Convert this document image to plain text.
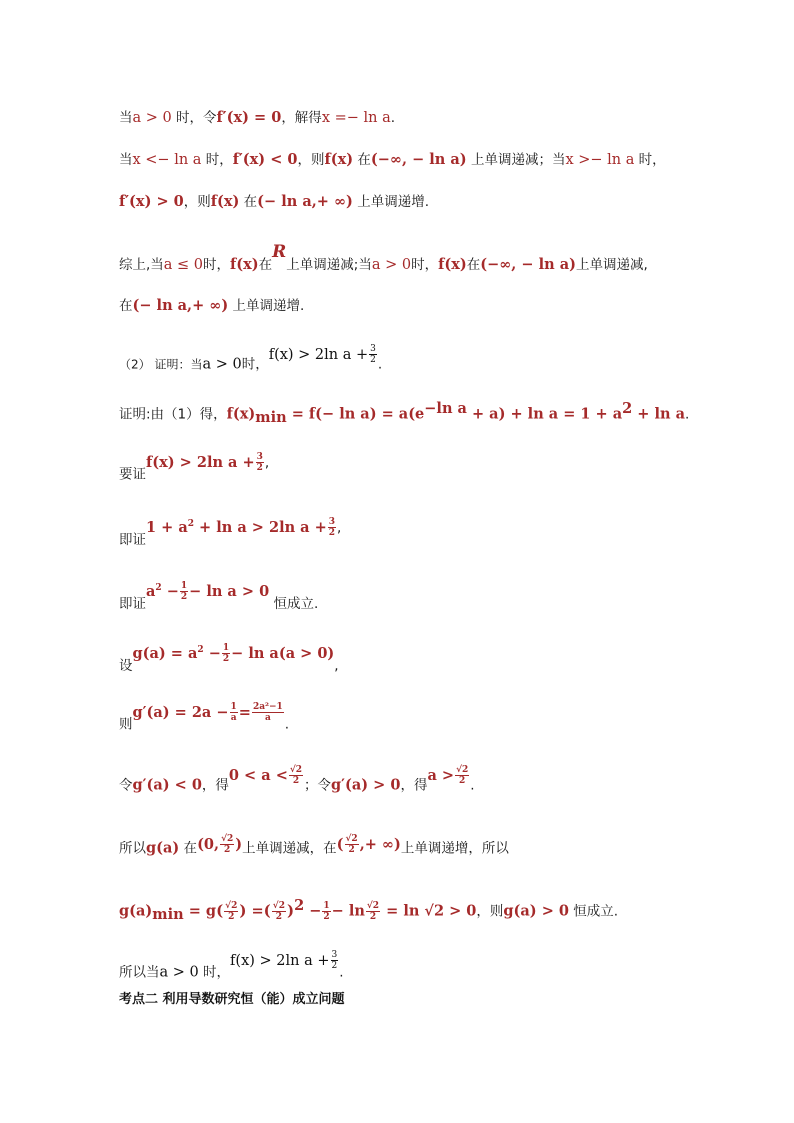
当a > 0 时，令f′(x) = 0，解得x =− ln a.
当x <− ln a 时，f′(x) < 0，则f(x) 在(−∞, − ln a) 上单调递减；当x >− ln a 时，
f′(x) > 0，则f(x) 在(− ln a,+ ∞) 上单调递增.
综上,当a ≤ 0时，f(x)在R上单调递减;当a > 0时，f(x)在(−∞, − ln a)上单调递减,
在(− ln a,+ ∞) 上单调递增.
（2） 证明：当a > 0时，f(x) > 2ln $a + \frac{3}{2}$ .
证明:由（1）得，$f(x)_{min} = f(- \ln a) = a(e^{-ln a} + a) + \ln a = 1 + a^2 + \ln a$.
要证f(x) > 2ln $a + \frac{3}{2}$ ,
即证$1 + a^2 + \ln a > 2\ln$ $a + \frac{3}{2}$ ,
即证$a^2 - \frac{1}{2} - \ln a > 0$ 恒成立.
设$g(a) = a^2 - \frac{1}{2} - \ln a(a > 0)$,
则$g'(a) = 2a - \frac{1}{a} = \frac{\text{2a²−1}}{a}$
.
令g′(a) < 0，得$0 < a < \frac{√2}{2}$ ；令g′(a) > 0，得$a > \frac{√2}{2}$ .
所以g(a) 在(0, $\frac{√2}{2}$ )上单调递减，在( $\frac{√2}{2}$ ,+ ∞)上单调递增，所以
$g(a)_{min} = g( \frac{√2}{2}$ ) =( $\frac{√2}{2} )^2 - \frac{1}{2} - \ln \frac{√2}{2} = \ln √2 > 0$，则g(a) > 0 恒成立.
所以当a > 0 时，f(x) > 2ln $a + \frac{3}{2}$
.
考点二 利用导数研究恒（能）成立问题
